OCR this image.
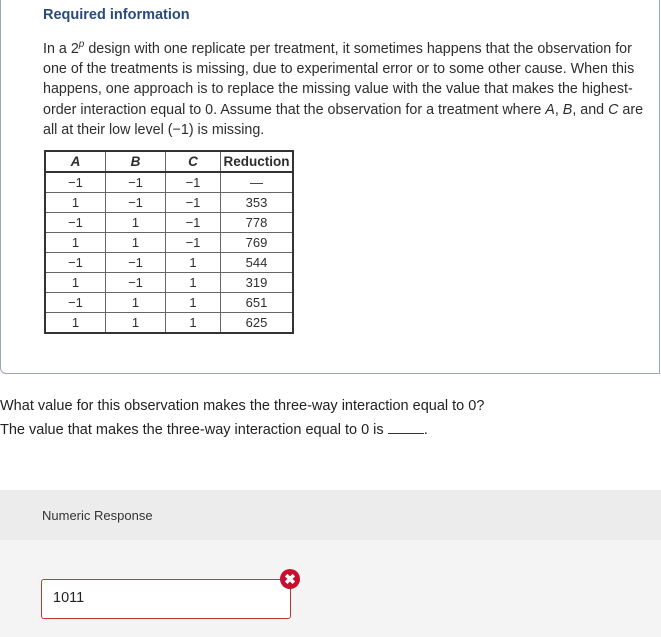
Required information
In a 2$^p$ design with one replicate per treatment, it sometimes happens that the observation for one of the treatments is missing, due to experimental error or to some other cause. When this happens, one approach is to replace the missing value with the value that makes the highest-order interaction equal to 0. Assume that the observation for a treatment where A, B, and C are all at their low level (−1) is missing.
A	B	C	Reduction
−1	−1	−1	—
1	−1	−1	353
−1	1	−1	778
1	1	−1	769
−1	−1	1	544
1	−1	1	319
−1	1	1	651
1	1	1	625
What value for this observation makes the three-way interaction equal to 0?
The value that makes the three-way interaction equal to 0 is .
Numeric Response
1011
✖
